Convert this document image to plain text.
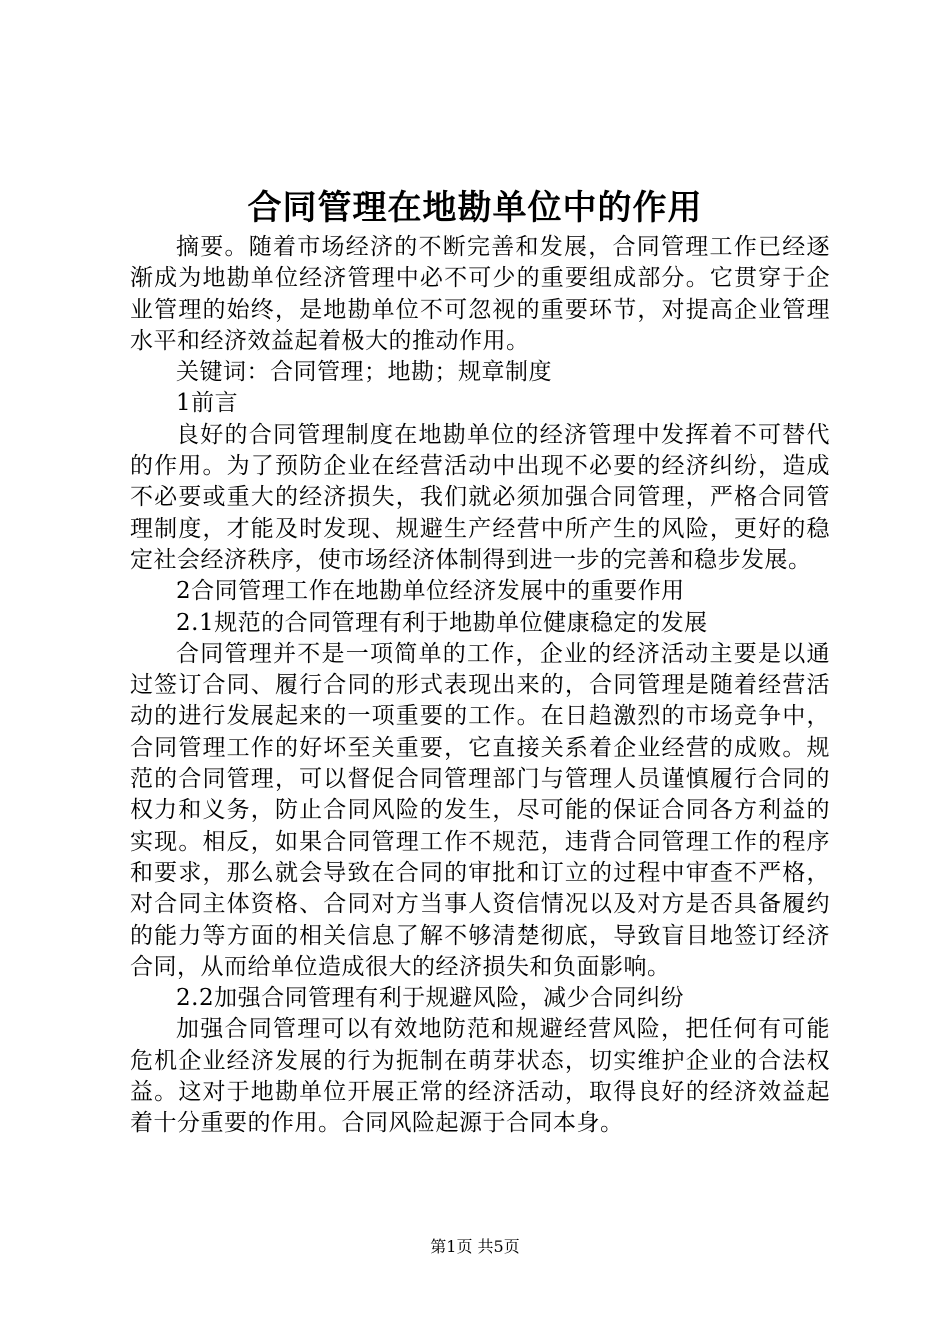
合同管理在地勘单位中的作用

摘要。随着市场经济的不断完善和发展，合同管理工作已经逐渐成为地勘单位经济管理中必不可少的重要组成部分。它贯穿于企业管理的始终，是地勘单位不可忽视的重要环节，对提高企业管理水平和经济效益起着极大的推动作用。

关键词：合同管理；地勘；规章制度

1前言

良好的合同管理制度在地勘单位的经济管理中发挥着不可替代的作用。为了预防企业在经营活动中出现不必要的经济纠纷，造成不必要或重大的经济损失，我们就必须加强合同管理，严格合同管理制度，才能及时发现、规避生产经营中所产生的风险，更好的稳定社会经济秩序，使市场经济体制得到进一步的完善和稳步发展。

2合同管理工作在地勘单位经济发展中的重要作用

2.1规范的合同管理有利于地勘单位健康稳定的发展

合同管理并不是一项简单的工作，企业的经济活动主要是以通过签订合同、履行合同的形式表现出来的，合同管理是随着经营活动的进行发展起来的一项重要的工作。在日趋激烈的市场竞争中，合同管理工作的好坏至关重要，它直接关系着企业经营的成败。规范的合同管理，可以督促合同管理部门与管理人员谨慎履行合同的权力和义务，防止合同风险的发生，尽可能的保证合同各方利益的实现。相反，如果合同管理工作不规范，违背合同管理工作的程序和要求，那么就会导致在合同的审批和订立的过程中审查不严格，对合同主体资格、合同对方当事人资信情况以及对方是否具备履约的能力等方面的相关信息了解不够清楚彻底，导致盲目地签订经济合同，从而给单位造成很大的经济损失和负面影响。

2.2加强合同管理有利于规避风险，减少合同纠纷

加强合同管理可以有效地防范和规避经营风险，把任何有可能危机企业经济发展的行为扼制在萌芽状态，切实维护企业的合法权益。这对于地勘单位开展正常的经济活动，取得良好的经济效益起着十分重要的作用。合同风险起源于合同本身。

第1页 共5页
